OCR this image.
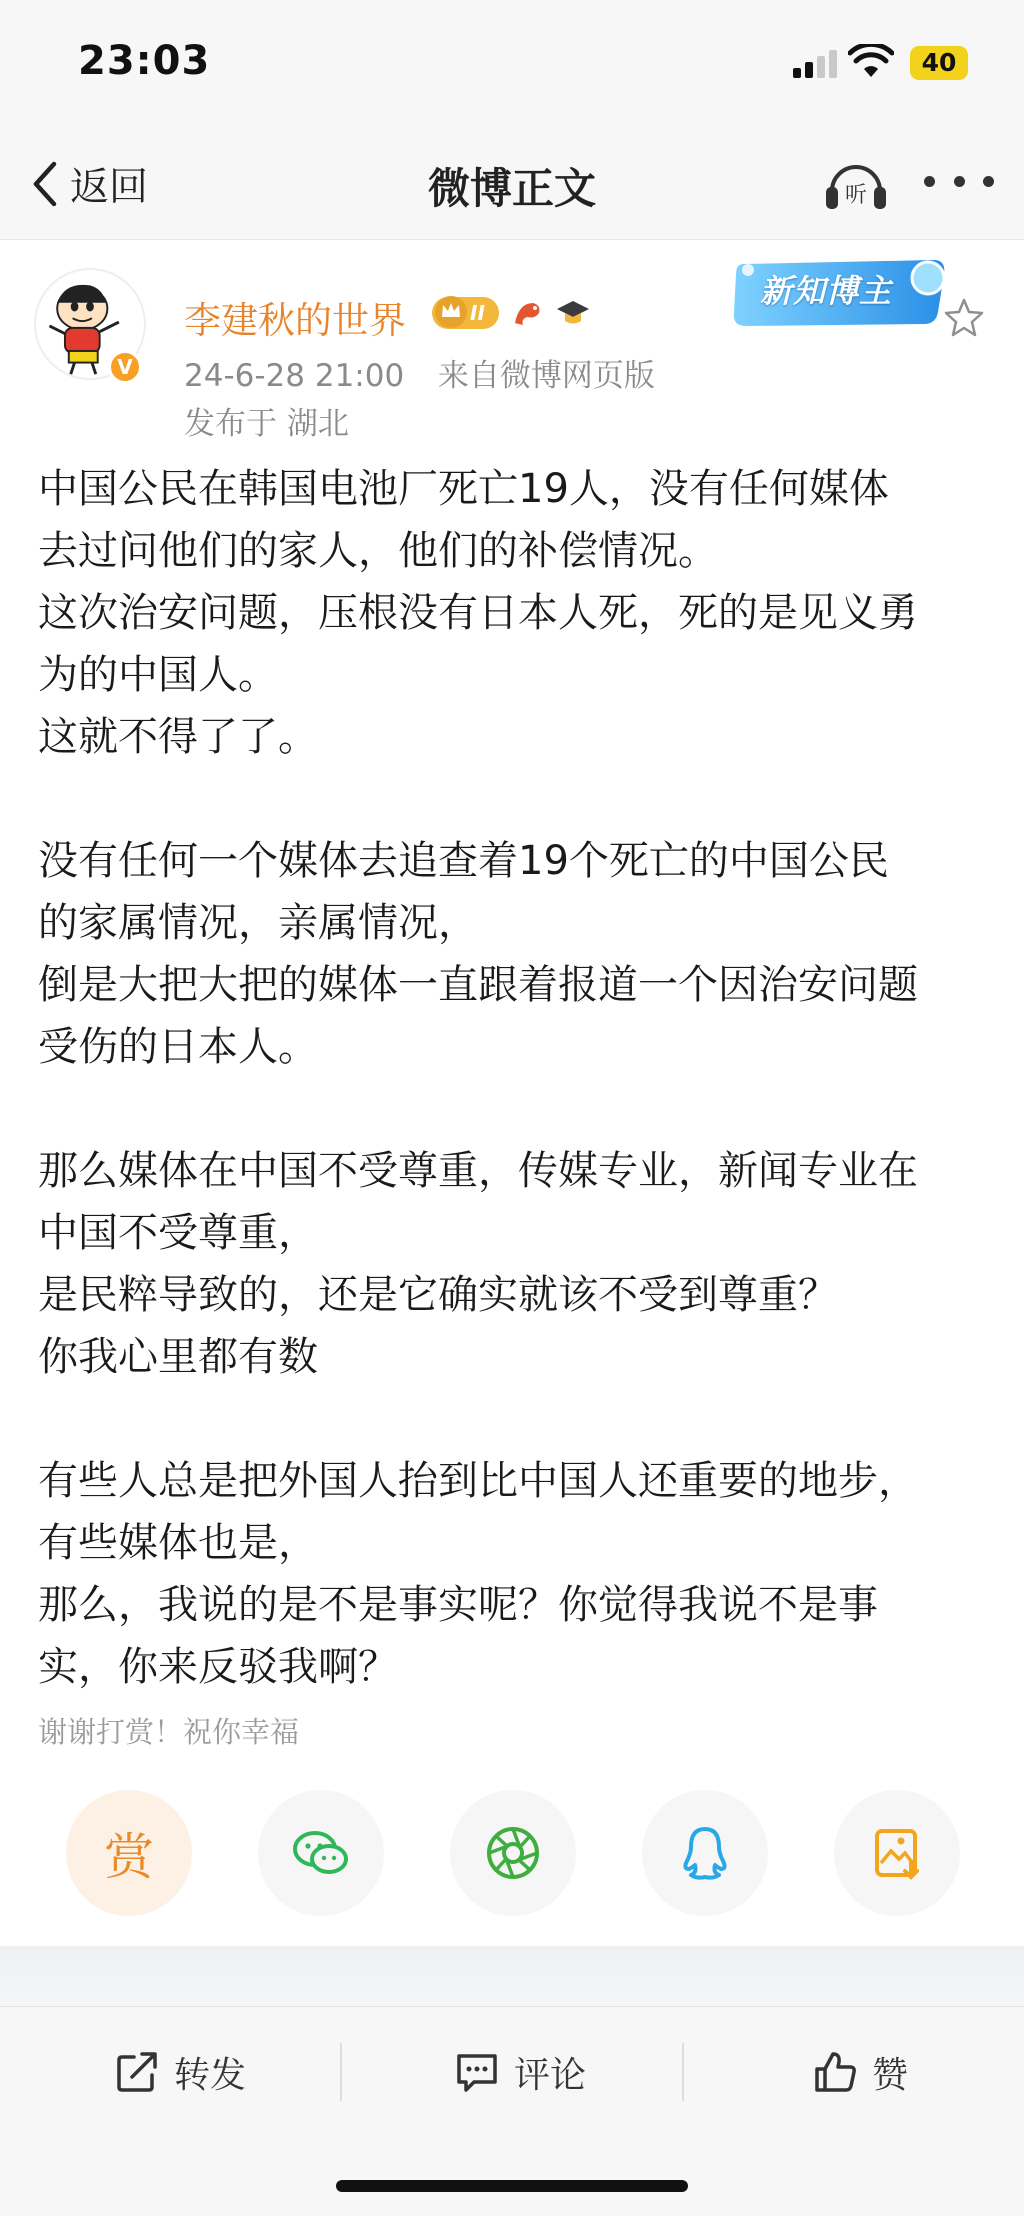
23:03	40
返回	微博正文	听
V
李建秋的世界	II
24-6-28 21:00 来自微博网页版
发布于 湖北
新知博主
中国公民在韩国电池厂死亡19人，没有任何媒体
去过问他们的家人，他们的补偿情况。
这次治安问题，压根没有日本人死，死的是见义勇
为的中国人。
这就不得了了。
没有任何一个媒体去追查着19个死亡的中国公民
的家属情况，亲属情况，
倒是大把大把的媒体一直跟着报道一个因治安问题
受伤的日本人。
那么媒体在中国不受尊重，传媒专业，新闻专业在
中国不受尊重，
是民粹导致的，还是它确实就该不受到尊重？
你我心里都有数
有些人总是把外国人抬到比中国人还重要的地步，
有些媒体也是，
那么，我说的是不是事实呢？你觉得我说不是事
实，你来反驳我啊？
谢谢打赏！祝你幸福
赏
转发	评论	赞
